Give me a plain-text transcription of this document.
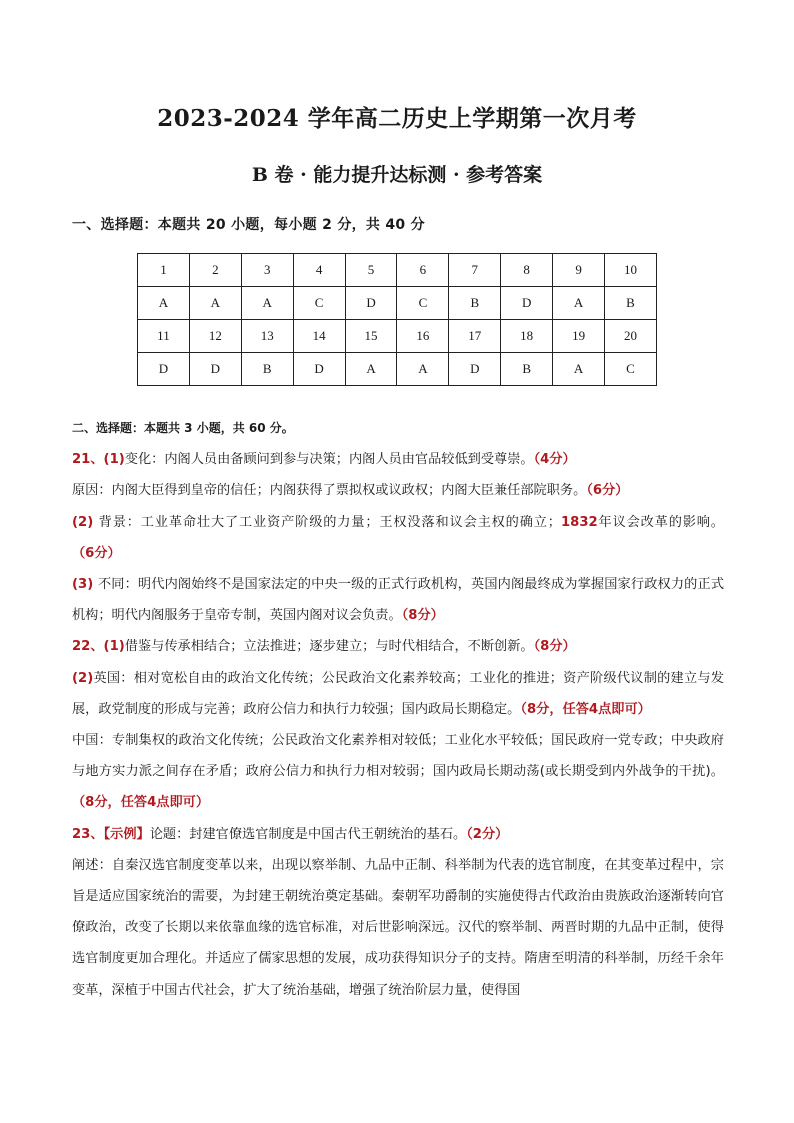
2023-2024 学年高二历史上学期第一次月考
B 卷 · 能力提升达标测 · 参考答案
一、选择题：本题共 20 小题，每小题 2 分，共 40 分
1	2	3	4	5	6	7	8	9	10
A	A	A	C	D	C	B	D	A	B
11	12	13	14	15	16	17	18	19	20
D	D	B	D	A	A	D	B	A	C

二、选择题：本题共 3 小题，共 60 分。

21、(1)变化：内阁人员由备顾问到参与决策；内阁人员由官品较低到受尊崇。（4分）

原因：内阁大臣得到皇帝的信任；内阁获得了票拟权或议政权；内阁大臣兼任部院职务。（6分）

(2) 背景：工业革命壮大了工业资产阶级的力量；王权没落和议会主权的确立；1832年议会改革的影响。（6分）

(3) 不同：明代内阁始终不是国家法定的中央一级的正式行政机构，英国内阁最终成为掌握国家行政权力的正式机构；明代内阁服务于皇帝专制，英国内阁对议会负责。（8分）

22、(1)借鉴与传承相结合；立法推进；逐步建立；与时代相结合，不断创新。（8分）

(2)英国：相对宽松自由的政治文化传统；公民政治文化素养较高；工业化的推进；资产阶级代议制的建立与发展，政党制度的形成与完善；政府公信力和执行力较强；国内政局长期稳定。（8分，任答4点即可）

中国：专制集权的政治文化传统；公民政治文化素养相对较低；工业化水平较低；国民政府一党专政；中央政府与地方实力派之间存在矛盾；政府公信力和执行力相对较弱；国内政局长期动荡(或长期受到内外战争的干扰)。（8分，任答4点即可）

23、【示例】论题：封建官僚选官制度是中国古代王朝统治的基石。（2分）

阐述：自秦汉选官制度变革以来，出现以察举制、九品中正制、科举制为代表的选官制度，在其变革过程中，宗旨是适应国家统治的需要，为封建王朝统治奠定基础。秦朝军功爵制的实施使得古代政治由贵族政治逐渐转向官僚政治，改变了长期以来依靠血缘的选官标准，对后世影响深远。汉代的察举制、两晋时期的九品中正制，使得选官制度更加合理化。并适应了儒家思想的发展，成功获得知识分子的支持。隋唐至明清的科举制，历经千余年变革，深植于中国古代社会，扩大了统治基础，增强了统治阶层力量，使得国
